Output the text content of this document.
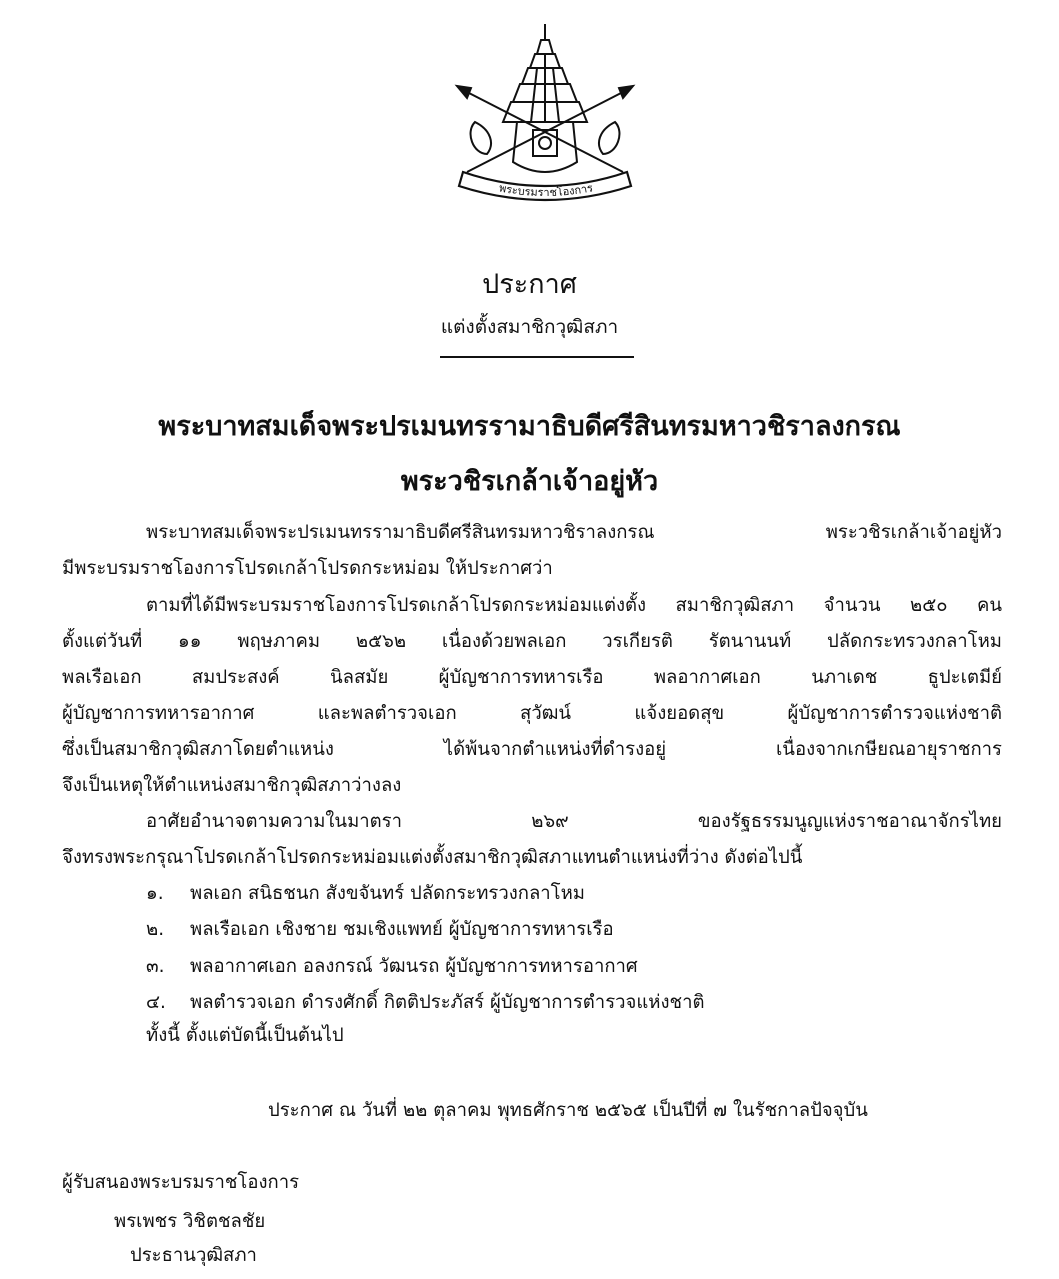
พระบรมราชโองการ
ประกาศ
แต่งตั้งสมาชิกวุฒิสภา
พระบาทสมเด็จพระปรเมนทรรามาธิบดีศรีสินทรมหาวชิราลงกรณ
พระวชิรเกล้าเจ้าอยู่หัว
พระบาทสมเด็จพระปรเมนทรรามาธิบดีศรีสินทรมหาวชิราลงกรณ พระวชิรเกล้าเจ้าอยู่หัว
มีพระบรมราชโองการโปรดเกล้าโปรดกระหม่อม ให้ประกาศว่า
ตามที่ได้มีพระบรมราชโองการโปรดเกล้าโปรดกระหม่อมแต่งตั้ง สมาชิกวุฒิสภา จำนวน ๒๕๐ คน
ตั้งแต่วันที่ ๑๑ พฤษภาคม ๒๕๖๒ เนื่องด้วยพลเอก วรเกียรติ รัตนานนท์ ปลัดกระทรวงกลาโหม
พลเรือเอก สมประสงค์ นิลสมัย ผู้บัญชาการทหารเรือ พลอากาศเอก นภาเดช ธูปะเตมีย์
ผู้บัญชาการทหารอากาศ และพลตำรวจเอก สุวัฒน์ แจ้งยอดสุข ผู้บัญชาการตำรวจแห่งชาติ
ซึ่งเป็นสมาชิกวุฒิสภาโดยตำแหน่ง ได้พ้นจากตำแหน่งที่ดำรงอยู่ เนื่องจากเกษียณอายุราชการ
จึงเป็นเหตุให้ตำแหน่งสมาชิกวุฒิสภาว่างลง
อาศัยอำนาจตามความในมาตรา ๒๖๙ ของรัฐธรรมนูญแห่งราชอาณาจักรไทย
จึงทรงพระกรุณาโปรดเกล้าโปรดกระหม่อมแต่งตั้งสมาชิกวุฒิสภาแทนตำแหน่งที่ว่าง ดังต่อไปนี้
๑. พลเอก สนิธชนก สังขจันทร์ ปลัดกระทรวงกลาโหม
๒. พลเรือเอก เชิงชาย ชมเชิงแพทย์ ผู้บัญชาการทหารเรือ
๓. พลอากาศเอก อลงกรณ์ วัฒนรถ ผู้บัญชาการทหารอากาศ
๔. พลตำรวจเอก ดำรงศักดิ์ กิตติประภัสร์ ผู้บัญชาการตำรวจแห่งชาติ
ทั้งนี้ ตั้งแต่บัดนี้เป็นต้นไป
ประกาศ ณ วันที่ ๒๒ ตุลาคม พุทธศักราช ๒๕๖๕ เป็นปีที่ ๗ ในรัชกาลปัจจุบัน
ผู้รับสนองพระบรมราชโองการ
พรเพชร วิชิตชลชัย
ประธานวุฒิสภา
